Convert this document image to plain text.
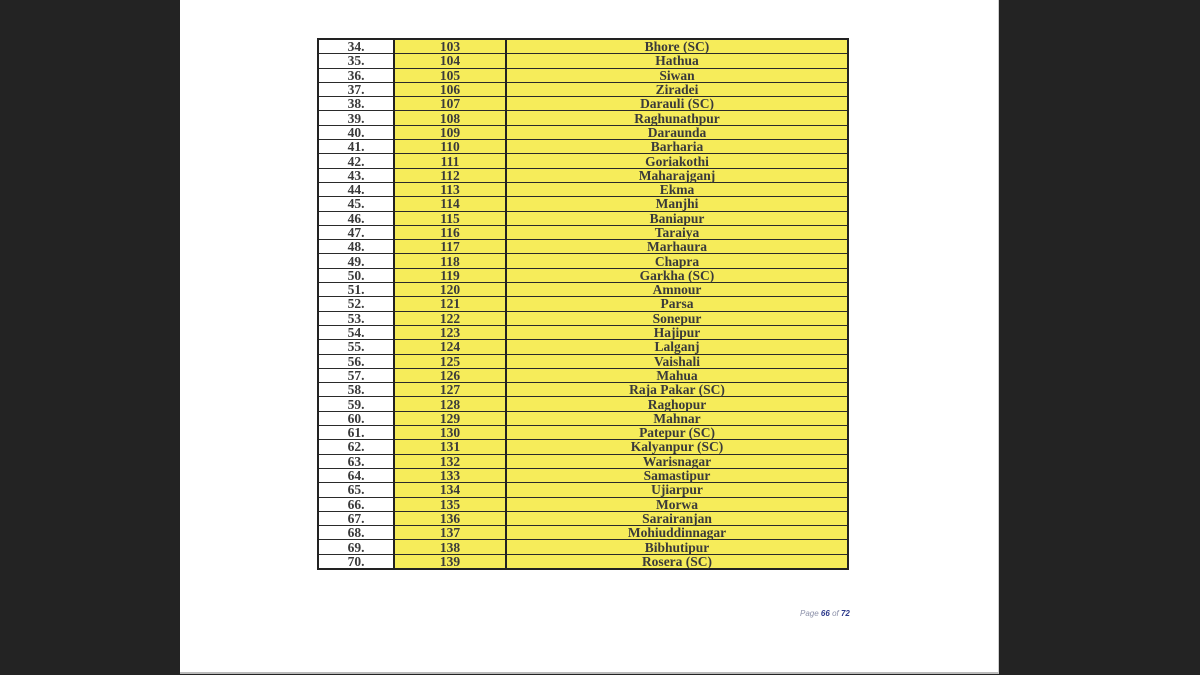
34.	103	Bhore (SC)
35.	104	Hathua
36.	105	Siwan
37.	106	Ziradei
38.	107	Darauli (SC)
39.	108	Raghunathpur
40.	109	Daraunda
41.	110	Barharia
42.	111	Goriakothi
43.	112	Maharajganj
44.	113	Ekma
45.	114	Manjhi
46.	115	Baniapur
47.	116	Taraiya
48.	117	Marhaura
49.	118	Chapra
50.	119	Garkha (SC)
51.	120	Amnour
52.	121	Parsa
53.	122	Sonepur
54.	123	Hajipur
55.	124	Lalganj
56.	125	Vaishali
57.	126	Mahua
58.	127	Raja Pakar (SC)
59.	128	Raghopur
60.	129	Mahnar
61.	130	Patepur (SC)
62.	131	Kalyanpur (SC)
63.	132	Warisnagar
64.	133	Samastipur
65.	134	Ujiarpur
66.	135	Morwa
67.	136	Sarairanjan
68.	137	Mohiuddinnagar
69.	138	Bibhutipur
70.	139	Rosera (SC)
Page 66 of 72
